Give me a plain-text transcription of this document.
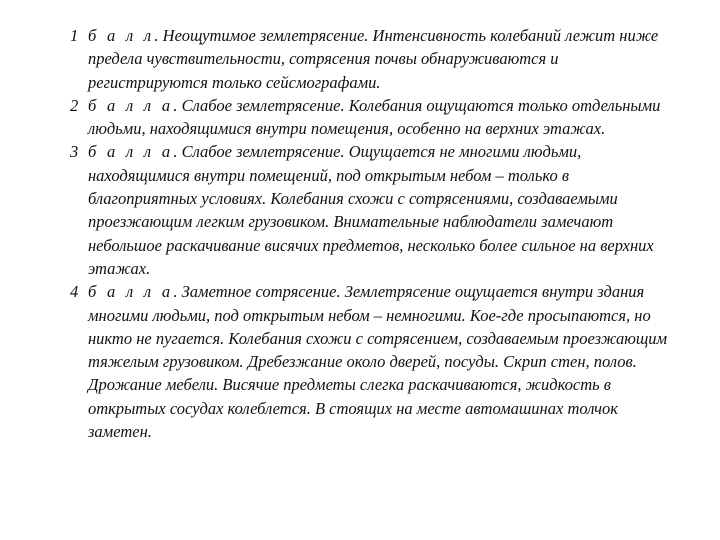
1 б а л л. Неощутимое землетрясение. Интенсивность колебаний лежит ниже предела чувствительности, сотрясения почвы обнаруживаются и регистрируются только сейсмографами.
2 б а л л а. Слабое землетрясение. Колебания ощущаются только отдельными людьми, находящимися внутри помещения, особенно на верхних этажах.
3 б а л л а. Слабое землетрясение. Ощущается не многими людьми, находящимися внутри помещений, под открытым небом – только в благоприятных условиях. Колебания схожи с сотрясениями, создаваемыми проезжающим легким грузовиком. Внимательные наблюдатели замечают небольшое раскачивание висячих предметов, несколько более сильное на верхних этажах.
4 б а л л а. Заметное сотрясение. Землетрясение ощущается внутри здания многими людьми, под открытым небом – немногими. Кое-где просыпаются, но никто не пугается. Колебания схожи с сотрясением, создаваемым проезжающим тяжелым грузовиком. Дребезжание около дверей, посуды. Скрип стен, полов. Дрожание мебели. Висячие предметы слегка раскачиваются, жидкость в открытых сосудах колеблется. В стоящих на месте автомашинах толчок заметен.
